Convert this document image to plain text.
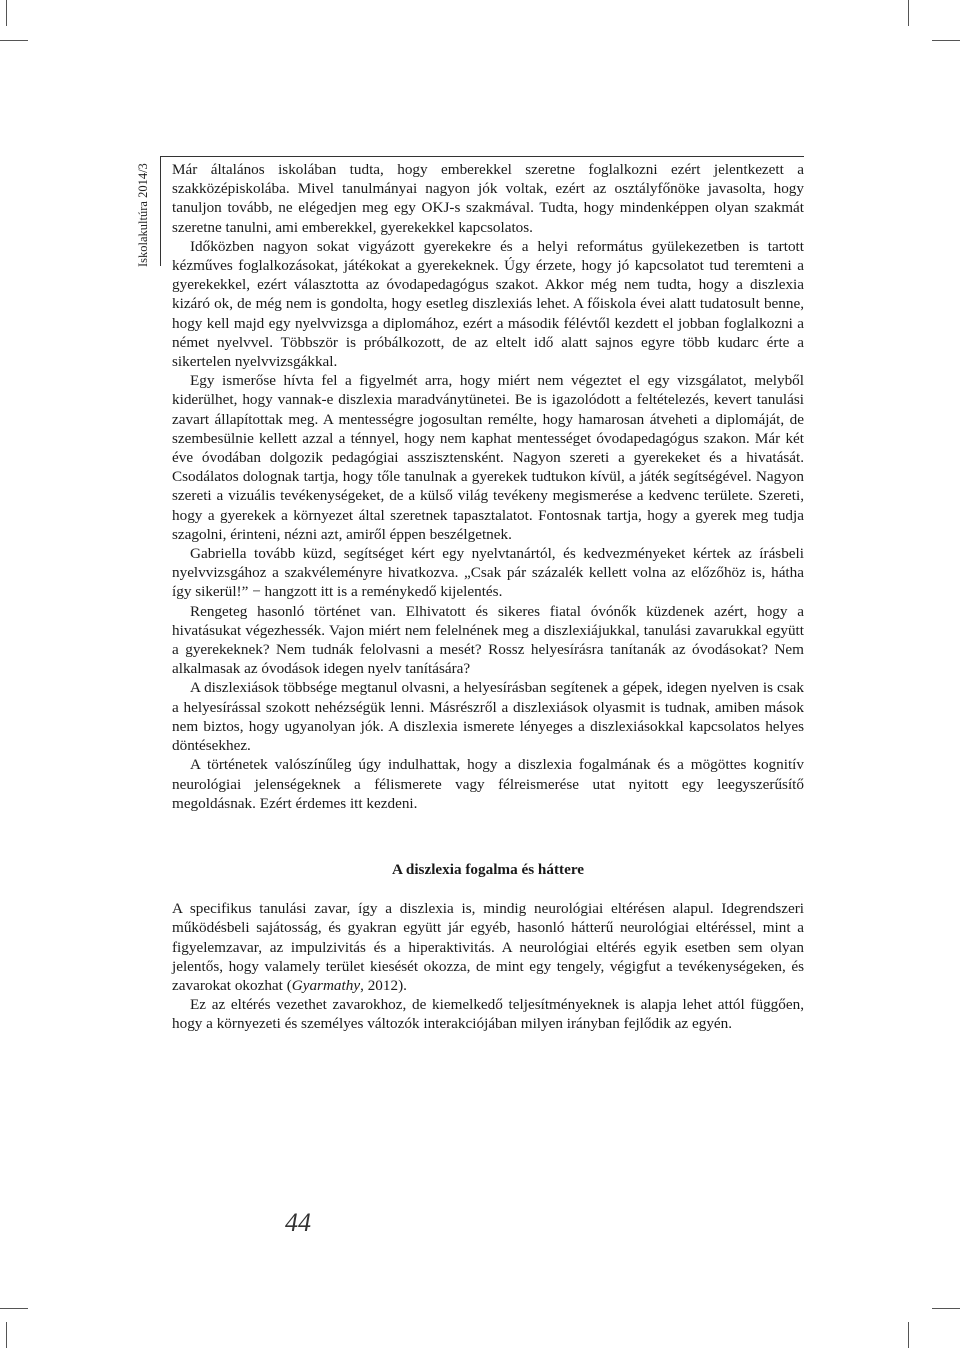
Iskolakultúra 2014/3 Már általános iskolában tudta, hogy emberekkel szeretne foglalkozni ezért jelentkezett a szakközépiskolába. Mivel tanulmányai nagyon jók voltak, ezért az osztályfőnöke javasolta, hogy tanuljon tovább, ne elégedjen meg egy OKJ-s szakmával. Tudta, hogy mindenképpen olyan szakmát szeretne tanulni, ami emberekkel, gyerekekkel kapcsolatos.

Időközben nagyon sokat vigyázott gyerekekre és a helyi református gyülekezetben is tartott kézműves foglalkozásokat, játékokat a gyerekeknek. Úgy érzete, hogy jó kapcsolatot tud teremteni a gyerekekkel, ezért választotta az óvodapedagógus szakot. Akkor még nem tudta, hogy a diszlexia kizáró ok, de még nem is gondolta, hogy esetleg diszlexiás lehet. A főiskola évei alatt tudatosult benne, hogy kell majd egy nyelvvizsga a diplomához, ezért a második félévtől kezdett el jobban foglalkozni a német nyelvvel. Többször is próbálkozott, de az eltelt idő alatt sajnos egyre több kudarc érte a sikertelen nyelvvizsgákkal.

Egy ismerőse hívta fel a figyelmét arra, hogy miért nem végeztet el egy vizsgálatot, melyből kiderülhet, hogy vannak-e diszlexia maradványtünetei. Be is igazolódott a feltételezés, kevert tanulási zavart állapítottak meg. A mentességre jogosultan remélte, hogy hamarosan átveheti a diplomáját, de szembesülnie kellett azzal a ténnyel, hogy nem kaphat mentességet óvodapedagógus szakon. Már két éve óvodában dolgozik pedagógiai asszisztensként. Nagyon szereti a gyerekeket és a hivatását. Csodálatos dolognak tartja, hogy tőle tanulnak a gyerekek tudtukon kívül, a játék segítségével. Nagyon szereti a vizuális tevékenységeket, de a külső világ tevékeny megismerése a kedvenc területe. Szereti, hogy a gyerekek a környezet által szeretnek tapasztalatot. Fontosnak tartja, hogy a gyerek meg tudja szagolni, érinteni, nézni azt, amiről éppen beszélgetnek.

Gabriella tovább küzd, segítséget kért egy nyelvtanártól, és kedvezményeket kértek az írásbeli nyelvvizsgához a szakvéleményre hivatkozva. „Csak pár százalék kellett volna az előzőhöz is, hátha így sikerül!” − hangzott itt is a reménykedő kijelentés.

Rengeteg hasonló történet van. Elhivatott és sikeres fiatal óvónők küzdenek azért, hogy a hivatásukat végezhessék. Vajon miért nem felelnének meg a diszlexiájukkal, tanulási zavarukkal együtt a gyerekeknek? Nem tudnák felolvasni a mesét? Rossz helyesírásra tanítanák az óvodásokat? Nem alkalmasak az óvodások idegen nyelv tanítására?

A diszlexiások többsége megtanul olvasni, a helyesírásban segítenek a gépek, idegen nyelven is csak a helyesírással szokott nehézségük lenni. Másrészről a diszlexiások olyasmit is tudnak, amiben mások nem biztos, hogy ugyanolyan jók. A diszlexia ismerete lényeges a diszlexiásokkal kapcsolatos helyes döntésekhez.

A történetek valószínűleg úgy indulhattak, hogy a diszlexia fogalmának és a mögöttes kognitív neurológiai jelenségeknek a félismerete vagy félreismerése utat nyitott egy leegyszerűsítő megoldásnak. Ezért érdemes itt kezdeni.

A diszlexia fogalma és háttere

A specifikus tanulási zavar, így a diszlexia is, mindig neurológiai eltérésen alapul. Idegrendszeri működésbeli sajátosság, és gyakran együtt jár egyéb, hasonló hátterű neurológiai eltéréssel, mint a figyelemzavar, az impulzivitás és a hiperaktivitás. A neurológiai eltérés egyik esetben sem olyan jelentős, hogy valamely terület kiesését okozza, de mint egy tengely, végigfut a tevékenységeken, és zavarokat okozhat (Gyarmathy, 2012).

Ez az eltérés vezethet zavarokhoz, de kiemelkedő teljesítményeknek is alapja lehet attól függően, hogy a környezeti és személyes változók interakciójában milyen irányban fejlődik az egyén.

44
